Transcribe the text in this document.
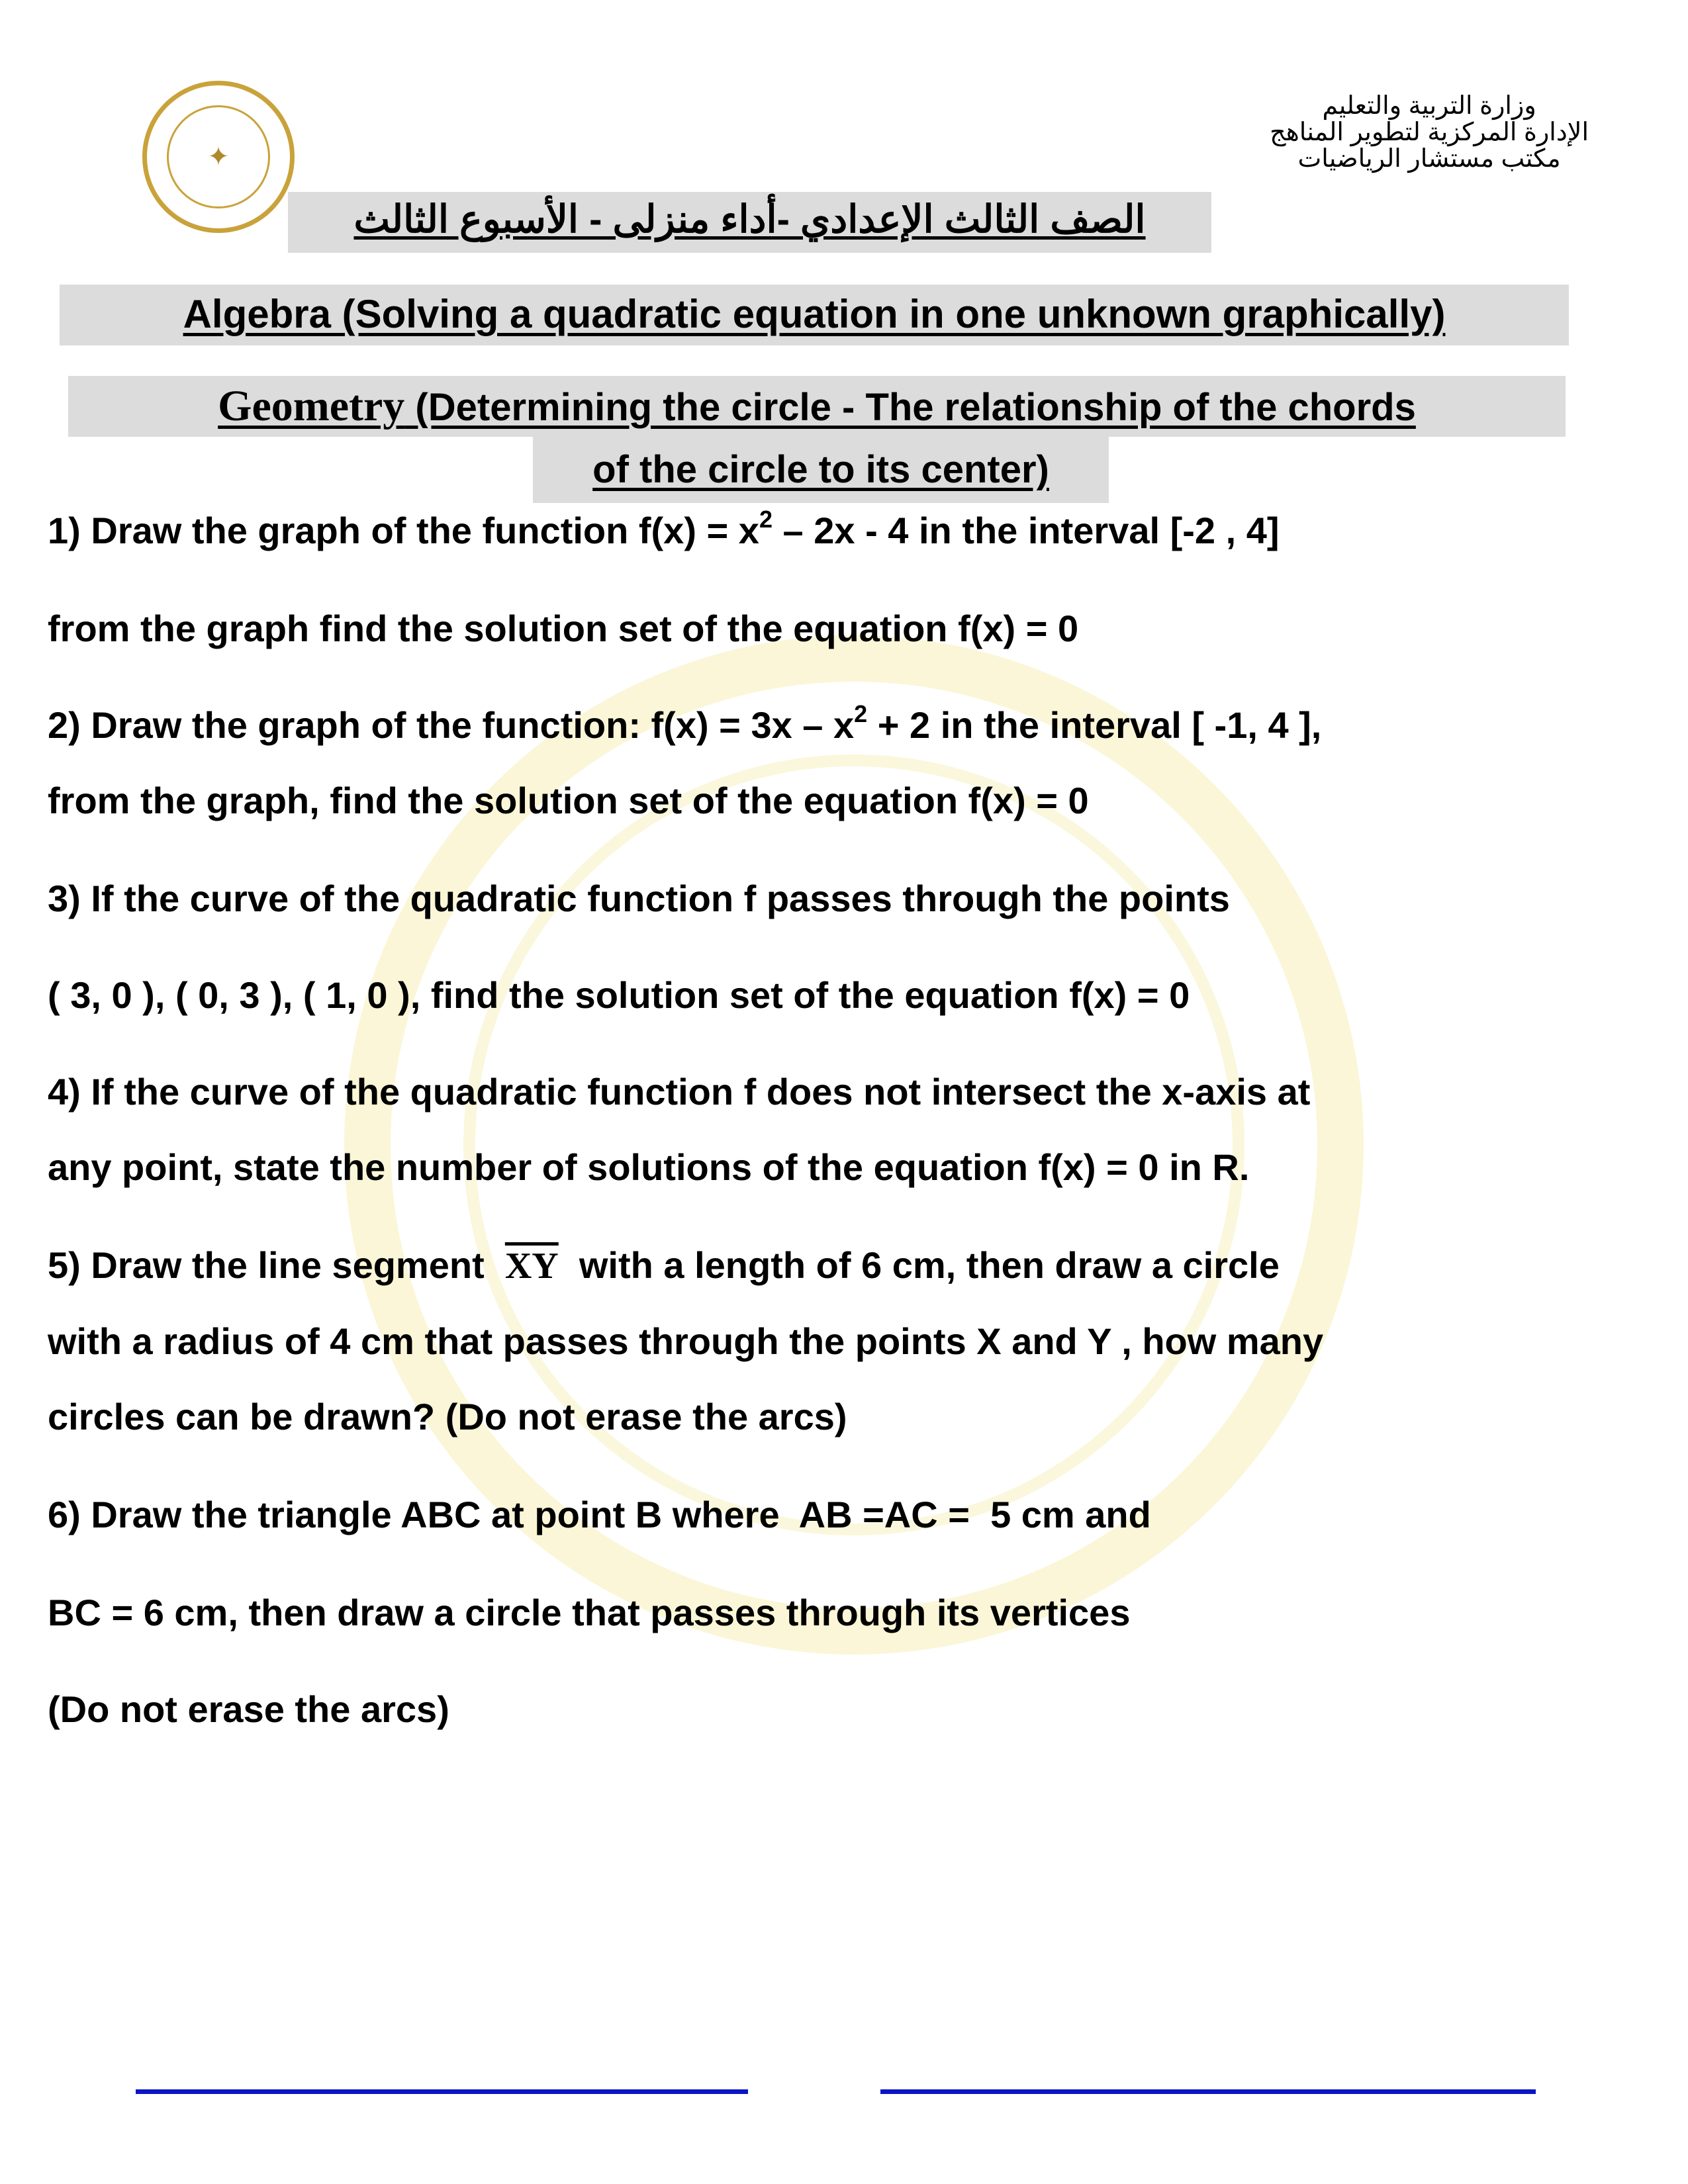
✦
وزارة التربية والتعليم
الإدارة المركزية لتطوير المناهج
مكتب مستشار الرياضيات
الصف الثالث الإعدادي -أداء منزلى - الأسبوع الثالث
Algebra (Solving a quadratic equation in one unknown graphically)
Geometry (Determining the circle - The relationship of the chords
of the circle to its center)
1) Draw the graph of the function $f(x) = x^2 - 2x - 4$ in the interval [-2 , 4]
from the graph find the solution set of the equation f(x) = 0
2) Draw the graph of the function: $f(x) = 3x - x^2 + 2$ in the interval [ -1, 4 ],
from the graph, find the solution set of the equation f(x) = 0
3) If the curve of the quadratic function f passes through the points
( 3, 0 ), ( 0, 3 ), ( 1, 0 ), find the solution set of the equation f(x) = 0
4) If the curve of the quadratic function f does not intersect the x-axis at
any point, state the number of solutions of the equation f(x) = 0 in R.
5) Draw the line segment  $\overline{XY}$  with a length of 6 cm, then draw a circle
with a radius of 4 cm that passes through the points X and Y , how many
circles can be drawn? (Do not erase the arcs)
6) Draw the triangle ABC at point B where  AB =AC =  5 cm and
BC = 6 cm, then draw a circle that passes through its vertices
(Do not erase the arcs)
